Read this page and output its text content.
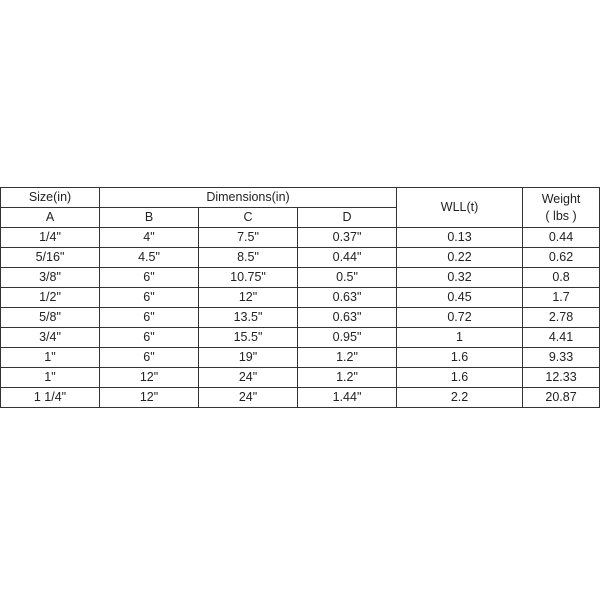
Size(in)	Dimensions(in)			WLL(t)	Weight
( lbs )

A	B	C	D		
1/4"	4"	7.5"	0.37"	0.13	0.44
5/16"	4.5"	8.5"	0.44"	0.22	0.62
3/8"	6"	10.75"	0.5"	0.32	0.8
1/2"	6"	12"	0.63"	0.45	1.7
5/8"	6"	13.5"	0.63"	0.72	2.78
3/4"	6"	15.5"	0.95"	1	4.41
1"	6"	19"	1.2"	1.6	9.33
1"	12"	24"	1.2"	1.6	12.33
1 1/4"	12"	24"	1.44"	2.2	20.87
